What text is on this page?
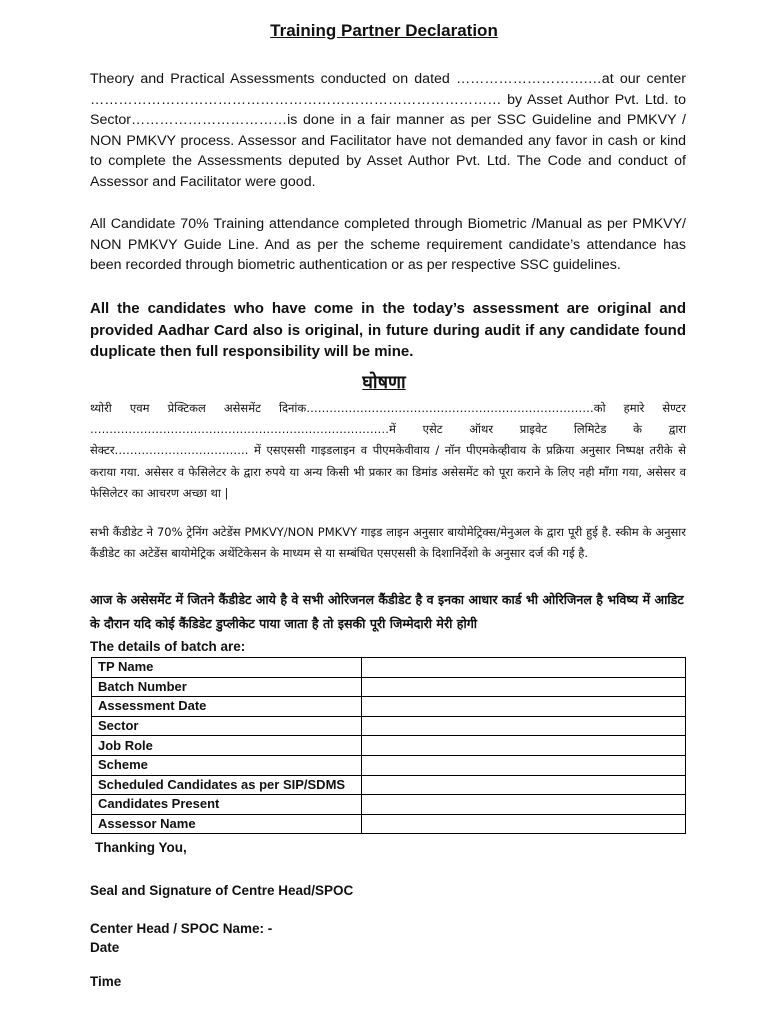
Training Partner Declaration

Theory and Practical Assessments conducted on dated ……………………….…at our center …………………………………………………………………………… by Asset Author Pvt. Ltd. to Sector……………………………is done in a fair manner as per SSC Guideline and PMKVY / NON PMKVY process. Assessor and Facilitator have not demanded any favor in cash or kind to complete the Assessments deputed by Asset Author Pvt. Ltd. The Code and conduct of Assessor and Facilitator were good.

All Candidate 70% Training attendance completed through Biometric /Manual as per PMKVY/ NON PMKVY Guide Line. And as per the scheme requirement candidate’s attendance has been recorded through biometric authentication or as per respective SSC guidelines.

All the candidates who have come in the today’s assessment are original and provided Aadhar Card also is original, in future during audit if any candidate found duplicate then full responsibility will be mine.

घोषणा

थ्योरी एवम प्रेक्टिकल असेसमेंट दिनांक…………………………………………………………………को हमारे सेण्टर ……………………………………………………………………में एसेट ऑथर प्राइवेट लिमिटेड के द्वारा सेक्टर…………………………….. में एसएससी गाइडलाइन व पीएमकेवीवाय / नॉन पीएमकेव्हीवाय के प्रक्रिया अनुसार निष्पक्ष तरीके से कराया गया. असेसर व फेसिलेटर के द्वारा रुपये या अन्य किसी भी प्रकार का डिमांड असेसमेंट को पूरा कराने के लिए नही माँगा गया, असेसर व फेसिलेटर का आचरण अच्छा था |

सभी कैंडीडेट ने 70% ट्रेनिंग अटेडेंस PMKVY/NON PMKVY गाइड लाइन अनुसार बायोमेट्रिक्स/मेनुअल के द्वारा पूरी हुई है. स्कीम के अनुसार कैंडीडेट का अटेडेंस बायोमेट्रिक अथेंटिकेसन के माध्यम से या सम्बंधित एसएससी के दिशानिर्देशो के अनुसार दर्ज की गई है.

आज के असेसमेंट में जितने कैंडीडेट आये है वे सभी ओरिजनल कैंडीडेट है व इनका आधार कार्ड भी ओरिजिनल है भविष्य में आडिट के दौरान यदि कोई कैंडिडेट डुप्लीकेट पाया जाता है तो इसकी पूरी जिम्मेदारी मेरी होगी

The details of batch are:
TP Name	
Batch Number	
Assessment Date	
Sector	
Job Role	
Scheme	
Scheduled Candidates as per SIP/SDMS	
Candidates Present	
Assessor Name	
Thanking You,
Seal and Signature of Centre Head/SPOC
Center Head / SPOC Name: -
Date
Time
